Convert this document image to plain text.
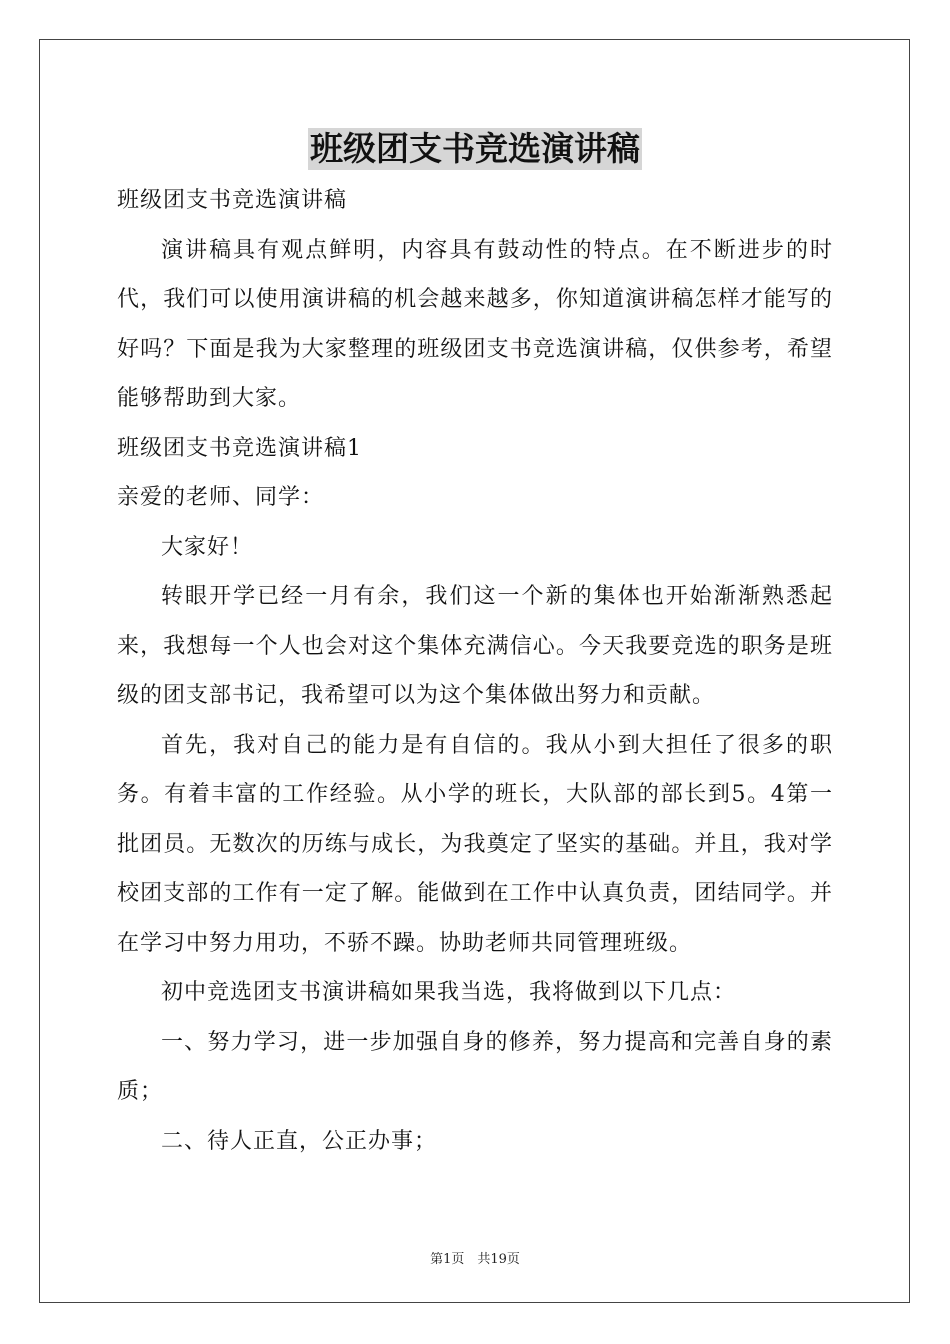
班级团支书竞选演讲稿

班级团支书竞选演讲稿

演讲稿具有观点鲜明，内容具有鼓动性的特点。在不断进步的时代，我们可以使用演讲稿的机会越来越多，你知道演讲稿怎样才能写的好吗？下面是我为大家整理的班级团支书竞选演讲稿，仅供参考，希望能够帮助到大家。

班级团支书竞选演讲稿1

亲爱的老师、同学：

大家好！

转眼开学已经一月有余，我们这一个新的集体也开始渐渐熟悉起来，我想每一个人也会对这个集体充满信心。今天我要竞选的职务是班级的团支部书记，我希望可以为这个集体做出努力和贡献。

首先，我对自己的能力是有自信的。我从小到大担任了很多的职务。有着丰富的工作经验。从小学的班长，大队部的部长到5。4第一批团员。无数次的历练与成长，为我奠定了坚实的基础。并且，我对学校团支部的工作有一定了解。能做到在工作中认真负责，团结同学。并在学习中努力用功，不骄不躁。协助老师共同管理班级。

初中竞选团支书演讲稿如果我当选，我将做到以下几点：

一、努力学习，进一步加强自身的修养，努力提高和完善自身的素质；

二、待人正直，公正办事；

第1页　共19页
